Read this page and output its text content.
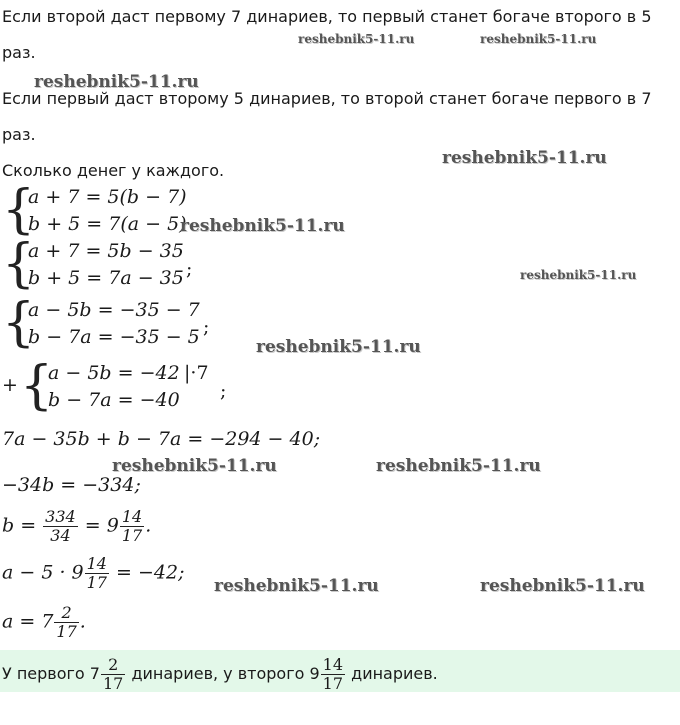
Если второй даст первому 7 динариев, то первый станет богаче второго в 5
раз.
Если первый даст второму 5 динариев, то второй станет богаче первого в 7
раз.
Сколько денег у каждого.
{
a + 7 = 5(b − 7)
b + 5 = 7(a − 5)
{
a + 7 = 5b − 35
b + 5 = 7a − 35 ;
{
a − 5b = −35 − 7
b − 7a = −35 − 5 ;
+ {
a − 5b = −42
b − 7a = −40
|·7
;
7a − 35b + b − 7a = −294 − 40;
−34b = −334;
$b = \frac{334}{34} = 9 \frac{14}{17}$ .
$a - 5 \cdot 9 \frac{14}{17} = -42$;
$a = 7 \frac{2}{17}$ .
У первого $7 \frac{2}{17}$ динариев, у второго $9 \frac{14}{17}$ динариев.
reshebnik5-11.ru	reshebnik5-11.ru
reshebnik5-11.ru
reshebnik5-11.ru
reshebnik5-11.ru
reshebnik5-11.ru
reshebnik5-11.ru
reshebnik5-11.ru	reshebnik5-11.ru
reshebnik5-11.ru	reshebnik5-11.ru
